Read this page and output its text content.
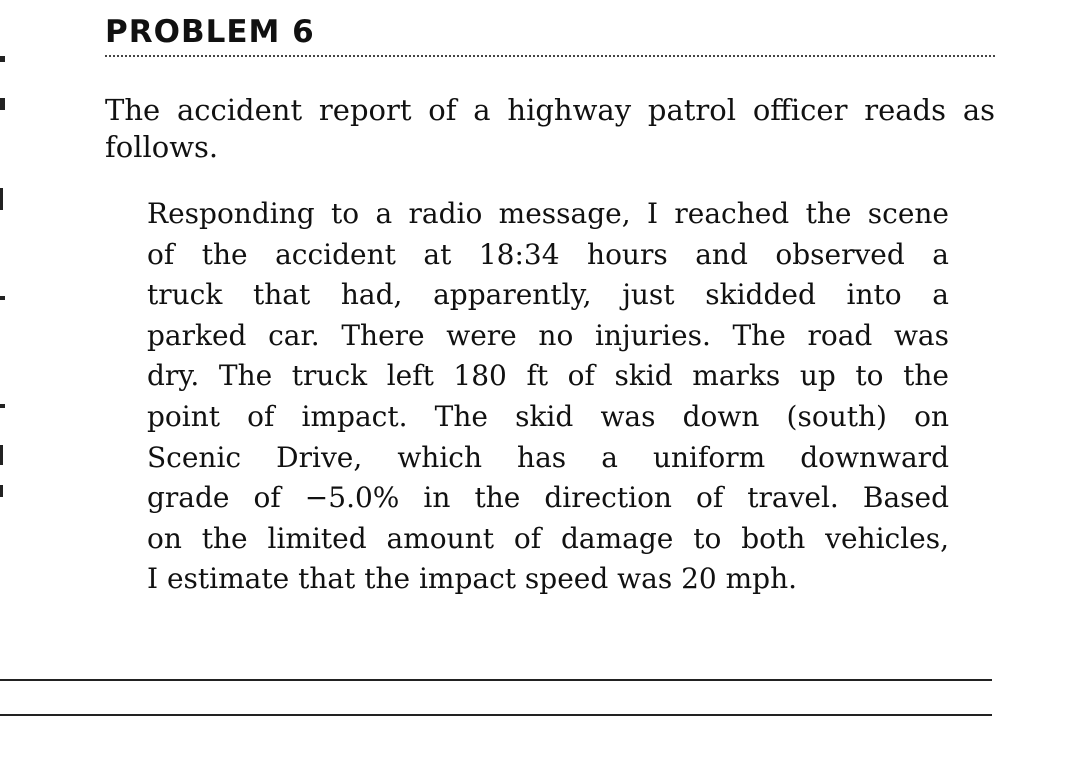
PROBLEM 6
The accident report of a highway patrol officer reads as
follows.
Responding to a radio message, I reached the scene
of the accident at 18:34 hours and observed a
truck that had, apparently, just skidded into a
parked car. There were no injuries. The road was
dry. The truck left 180 ft of skid marks up to the
point of impact. The skid was down (south) on
Scenic Drive, which has a uniform downward
grade of −5.0% in the direction of travel. Based
on the limited amount of damage to both vehicles,
I estimate that the impact speed was 20 mph.
